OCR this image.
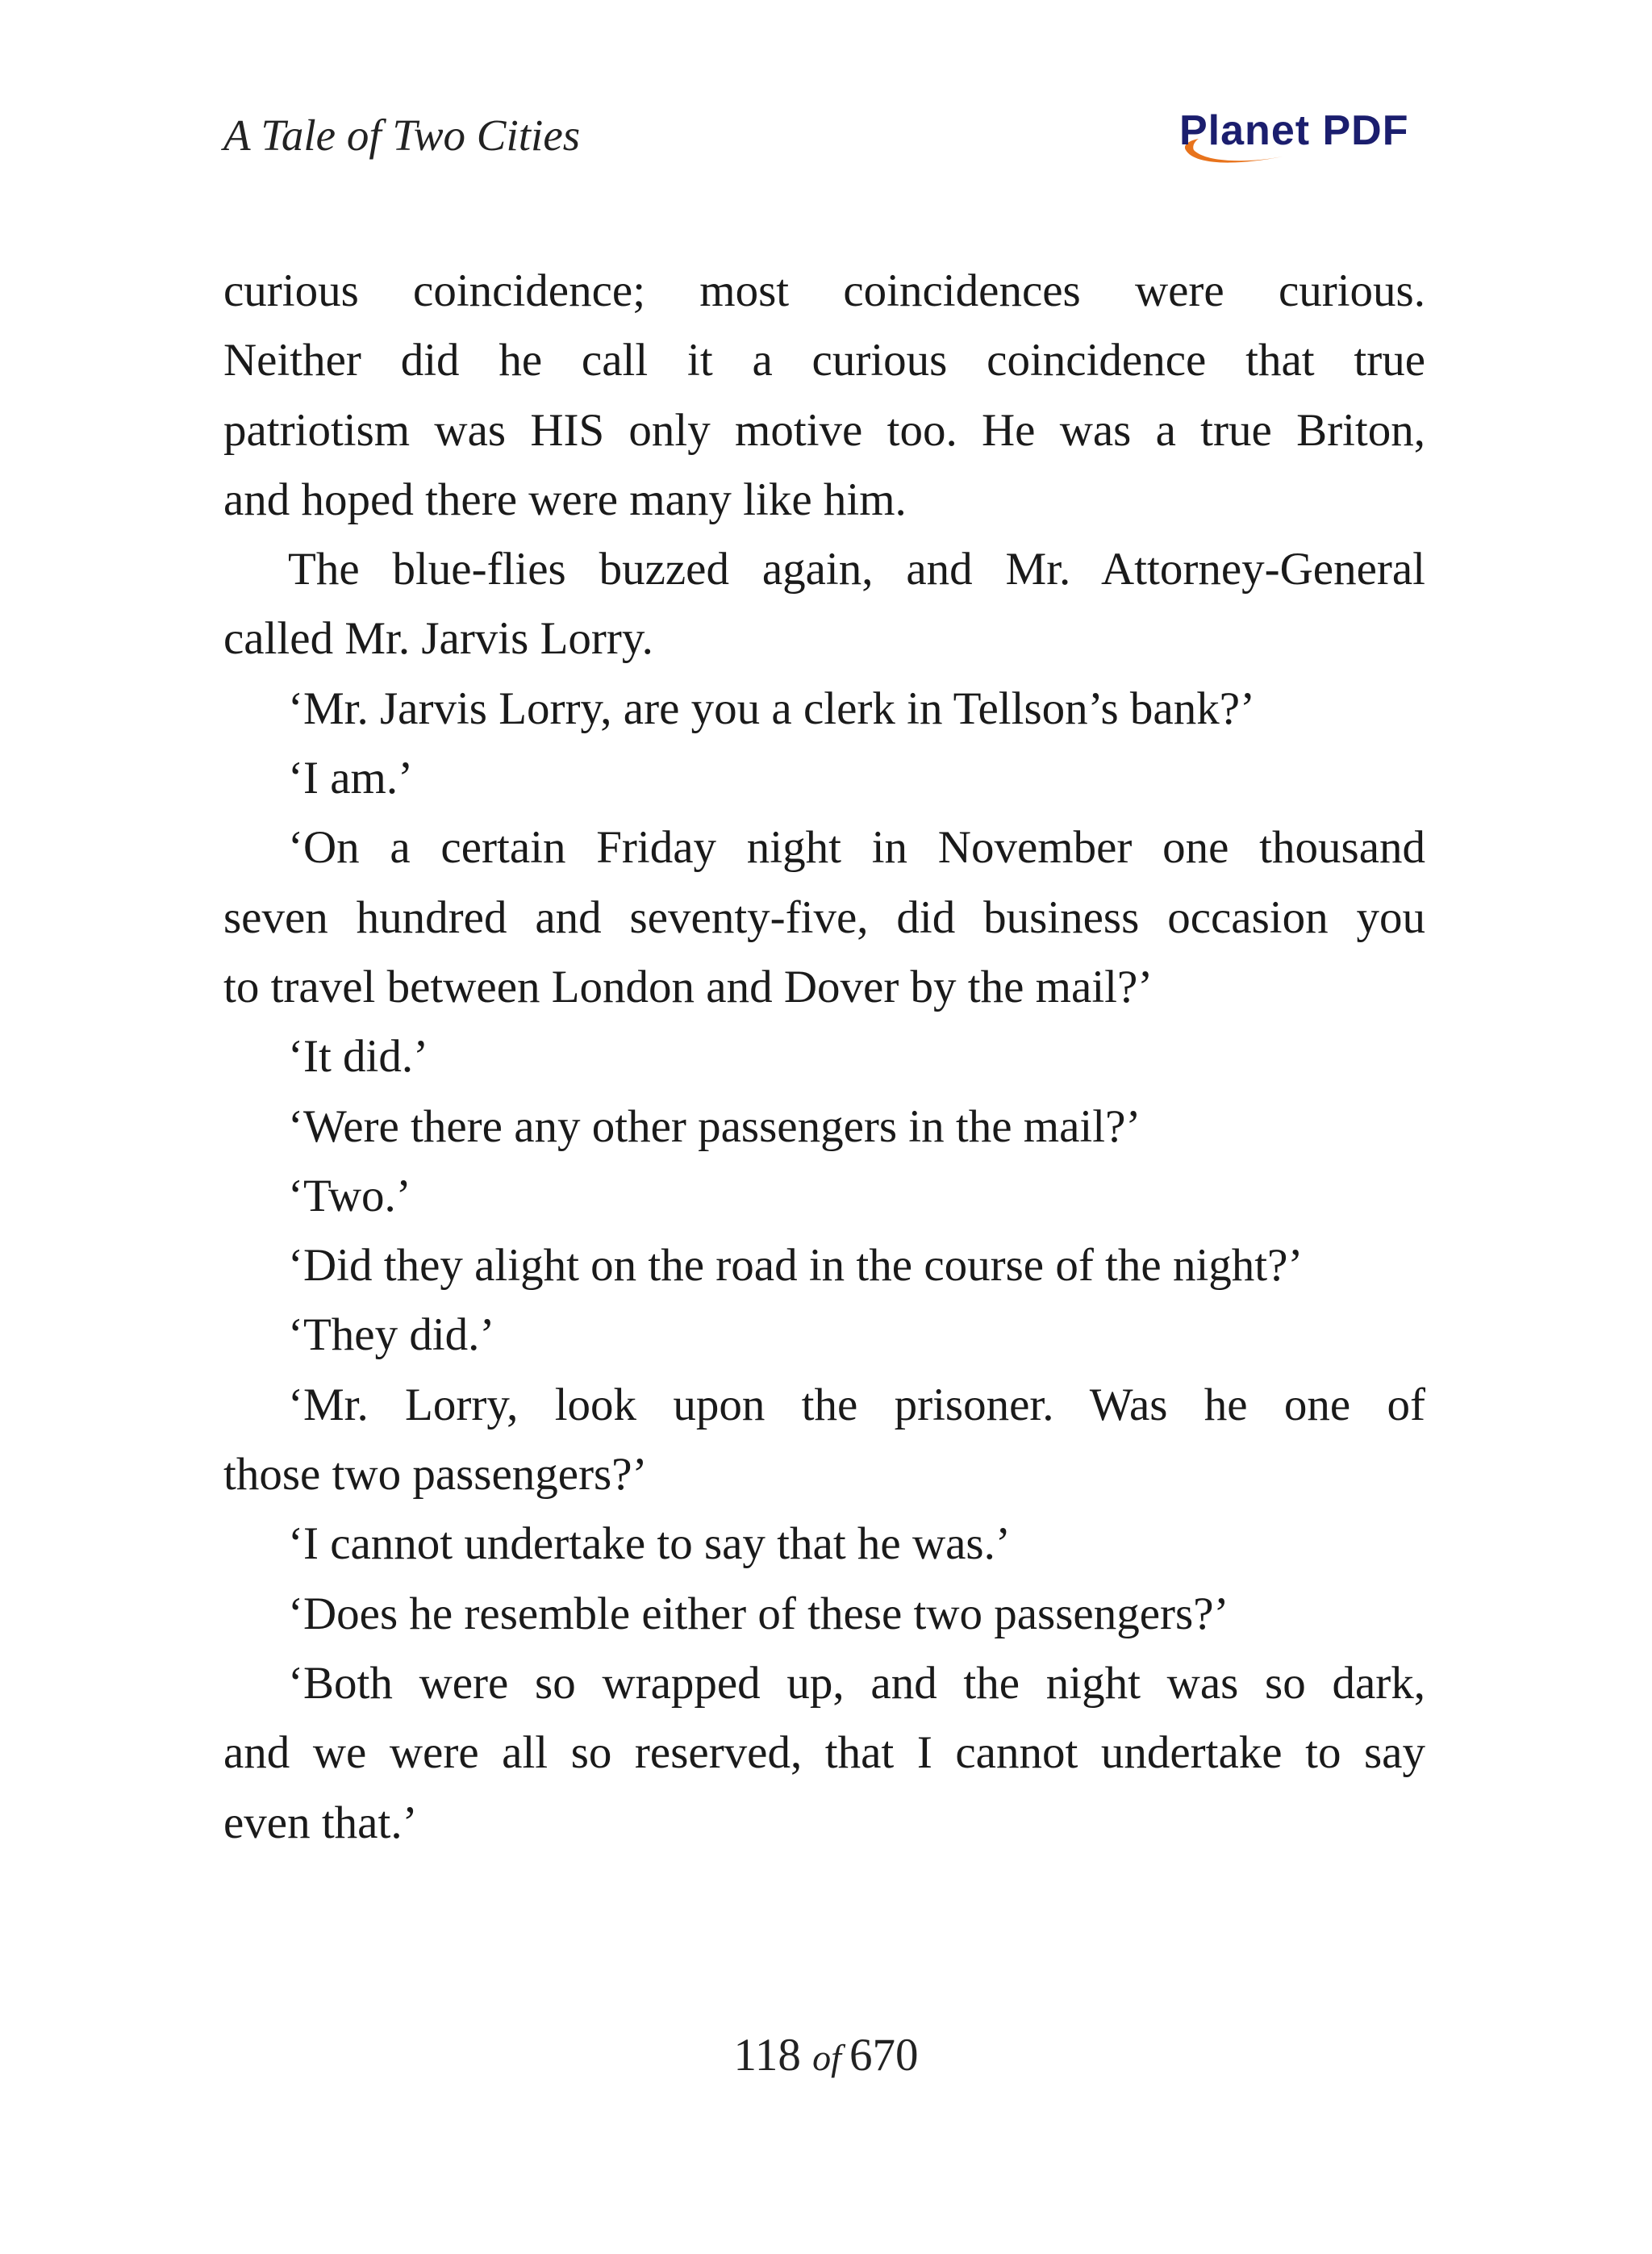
A Tale of Two Cities	Planet PDF

curious coincidence; most coincidences were curious.
Neither did he call it a curious coincidence that true
patriotism was HIS only motive too. He was a true Briton,
and hoped there were many like him.

The blue-flies buzzed again, and Mr. Attorney-General
called Mr. Jarvis Lorry.

‘Mr. Jarvis Lorry, are you a clerk in Tellson’s bank?’

‘I am.’

‘On a certain Friday night in November one thousand
seven hundred and seventy-five, did business occasion you
to travel between London and Dover by the mail?’

‘It did.’

‘Were there any other passengers in the mail?’

‘Two.’

‘Did they alight on the road in the course of the night?’

‘They did.’

‘Mr. Lorry, look upon the prisoner. Was he one of
those two passengers?’

‘I cannot undertake to say that he was.’

‘Does he resemble either of these two passengers?’

‘Both were so wrapped up, and the night was so dark,
and we were all so reserved, that I cannot undertake to say
even that.’

118 of 670
